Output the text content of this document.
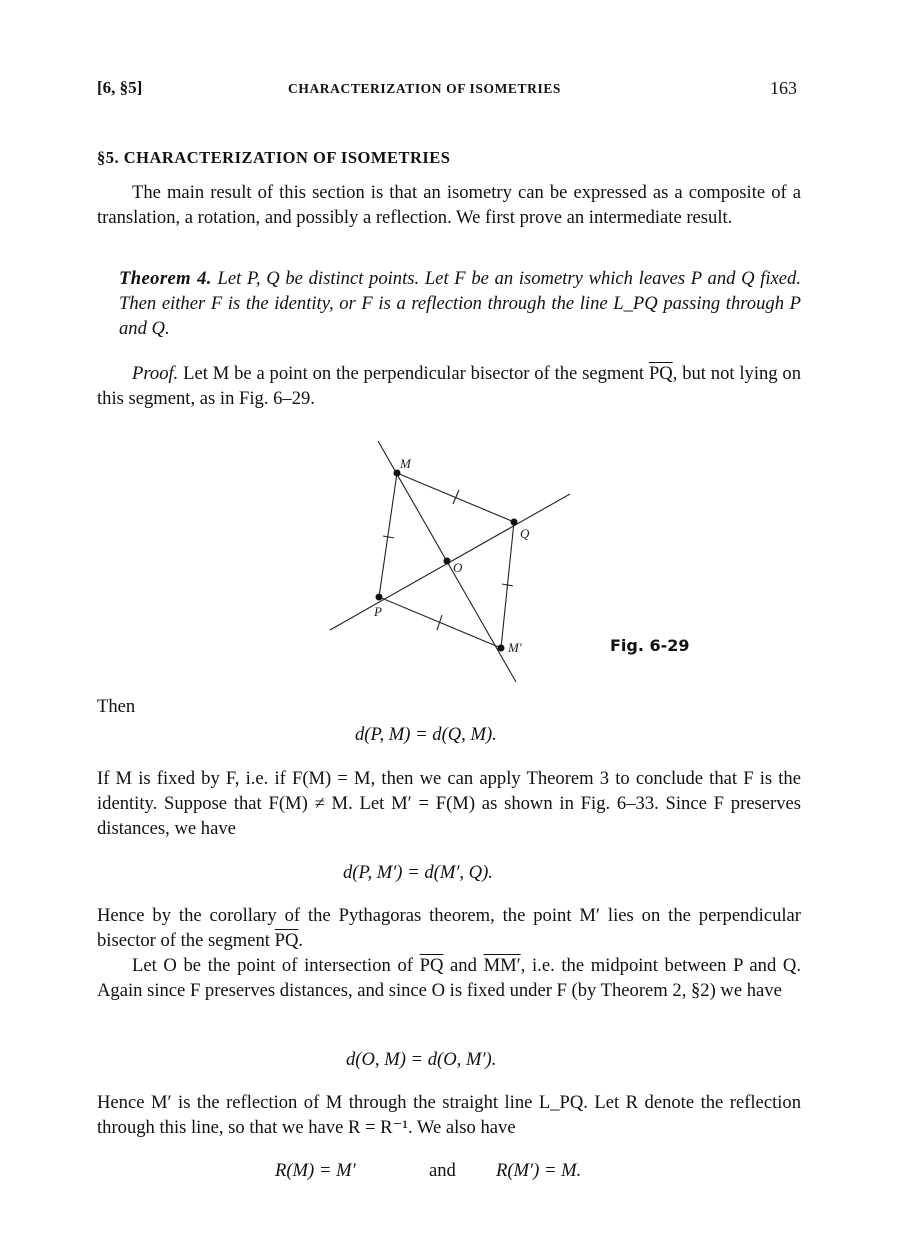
[6, §5]	CHARACTERIZATION OF ISOMETRIES	163
§5. CHARACTERIZATION OF ISOMETRIES
The main result of this section is that an isometry can be expressed as a composite of a translation, a rotation, and possibly a reflection. We first prove an intermediate result.
Theorem 4. Let P, Q be distinct points. Let F be an isometry which leaves P and Q fixed. Then either F is the identity, or F is a reflection through the line L_PQ passing through P and Q.
Proof. Let M be a point on the perpendicular bisector of the segment $\overline{PQ}$, but not lying on this segment, as in Fig. 6–29.
M
Q
O
P
M′	Fig. 6-29
Then
d(P, M) = d(Q, M).
If M is fixed by F, i.e. if F(M) = M, then we can apply Theorem 3 to conclude that F is the identity. Suppose that F(M) ≠ M. Let M′ = F(M) as shown in Fig. 6–33. Since F preserves distances, we have
d(P, M′) = d(M′, Q).
Hence by the corollary of the Pythagoras theorem, the point M′ lies on the perpendicular bisector of the segment $\overline{PQ}$.
Let O be the point of intersection of $\overline{PQ}$ and MM′, i.e. the midpoint between P and Q. Again since F preserves distances, and since O is fixed under F (by Theorem 2, §2) we have
d(O, M) = d(O, M′).
Hence M′ is the reflection of M through the straight line L_PQ. Let R denote the reflection through this line, so that we have R = R⁻¹. We also have
R(M) = M′	and R(M′) = M.
